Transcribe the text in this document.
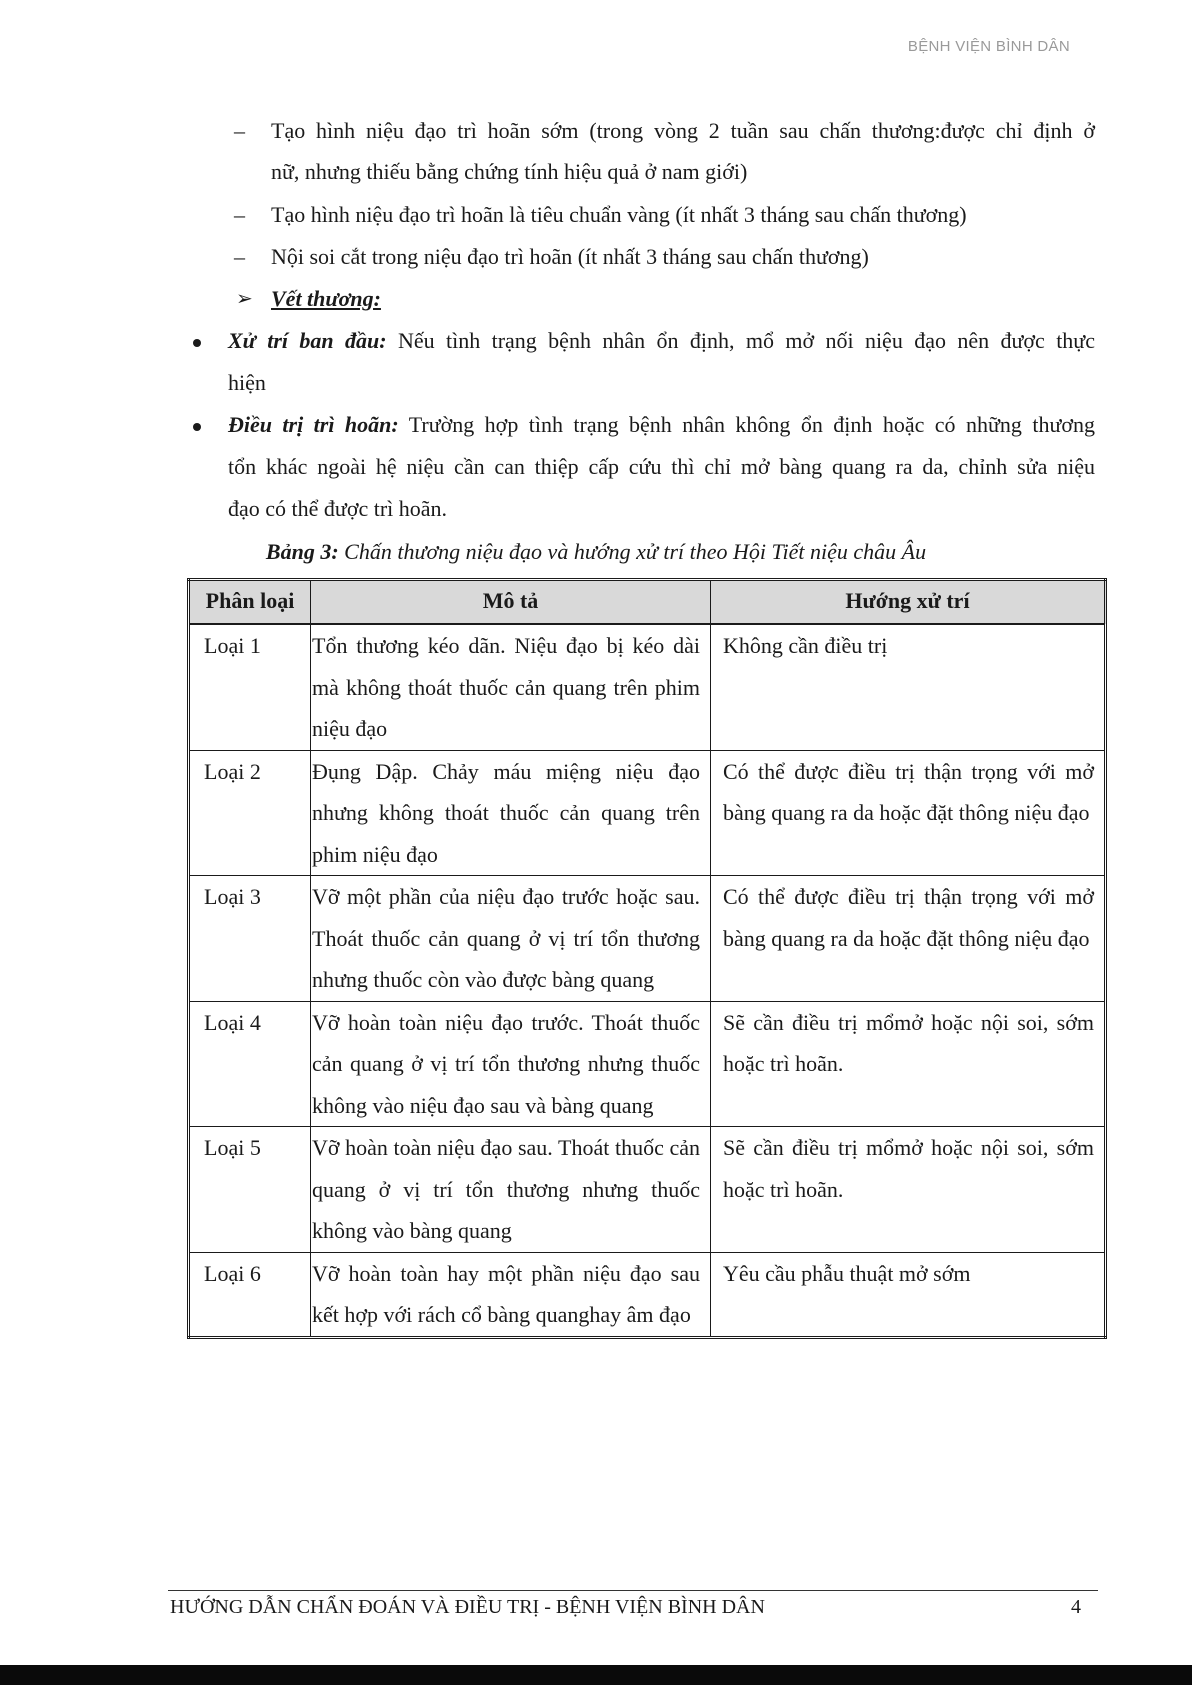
BỆNH VIỆN BÌNH DÂN
– Tạo hình niệu đạo trì hoãn sớm (trong vòng 2 tuần sau chấn thương:được chỉ định ở
nữ, nhưng thiếu bằng chứng tính hiệu quả ở nam giới)
– Tạo hình niệu đạo trì hoãn là tiêu chuẩn vàng (ít nhất 3 tháng sau chấn thương)
– Nội soi cắt trong niệu đạo trì hoãn (ít nhất 3 tháng sau chấn thương)
➢ Vết thương:
Xử trí ban đầu: Nếu tình trạng bệnh nhân ổn định, mổ mở nối niệu đạo nên được thực
hiện
Điều trị trì hoãn: Trường hợp tình trạng bệnh nhân không ổn định hoặc có những thương
tổn khác ngoài hệ niệu cần can thiệp cấp cứu thì chỉ mở bàng quang ra da, chỉnh sửa niệu
đạo có thể được trì hoãn.
Bảng 3: Chấn thương niệu đạo và hướng xử trí theo Hội Tiết niệu châu Âu
Phân loại	Mô tả	Hướng xử trí
Loại 1	Tổn thương kéo dãn. Niệu đạo bị kéo dài mà không thoát thuốc cản quang trên phim niệu đạo	Không cần điều trị
Loại 2	Đụng Dập. Chảy máu miệng niệu đạo nhưng không thoát thuốc cản quang trên phim niệu đạo	Có thể được điều trị thận trọng với mở bàng quang ra da hoặc đặt thông niệu đạo
Loại 3	Vỡ một phần của niệu đạo trước hoặc sau. Thoát thuốc cản quang ở vị trí tổn thương nhưng thuốc còn vào được bàng quang	Có thể được điều trị thận trọng với mở bàng quang ra da hoặc đặt thông niệu đạo
Loại 4	Vỡ hoàn toàn niệu đạo trước. Thoát thuốc cản quang ở vị trí tổn thương nhưng thuốc không vào niệu đạo sau và bàng quang	Sẽ cần điều trị mổmở hoặc nội soi, sớm hoặc trì hoãn.
Loại 5	Vỡ hoàn toàn niệu đạo sau. Thoát thuốc cản quang ở vị trí tổn thương nhưng thuốc không vào bàng quang	Sẽ cần điều trị mổmở hoặc nội soi, sớm hoặc trì hoãn.
Loại 6	Vỡ hoàn toàn hay một phần niệu đạo sau kết hợp với rách cổ bàng quanghay âm đạo	Yêu cầu phẫu thuật mở sớm
HƯỚNG DẪN CHẨN ĐOÁN VÀ ĐIỀU TRỊ - BỆNH VIỆN BÌNH DÂN	4
